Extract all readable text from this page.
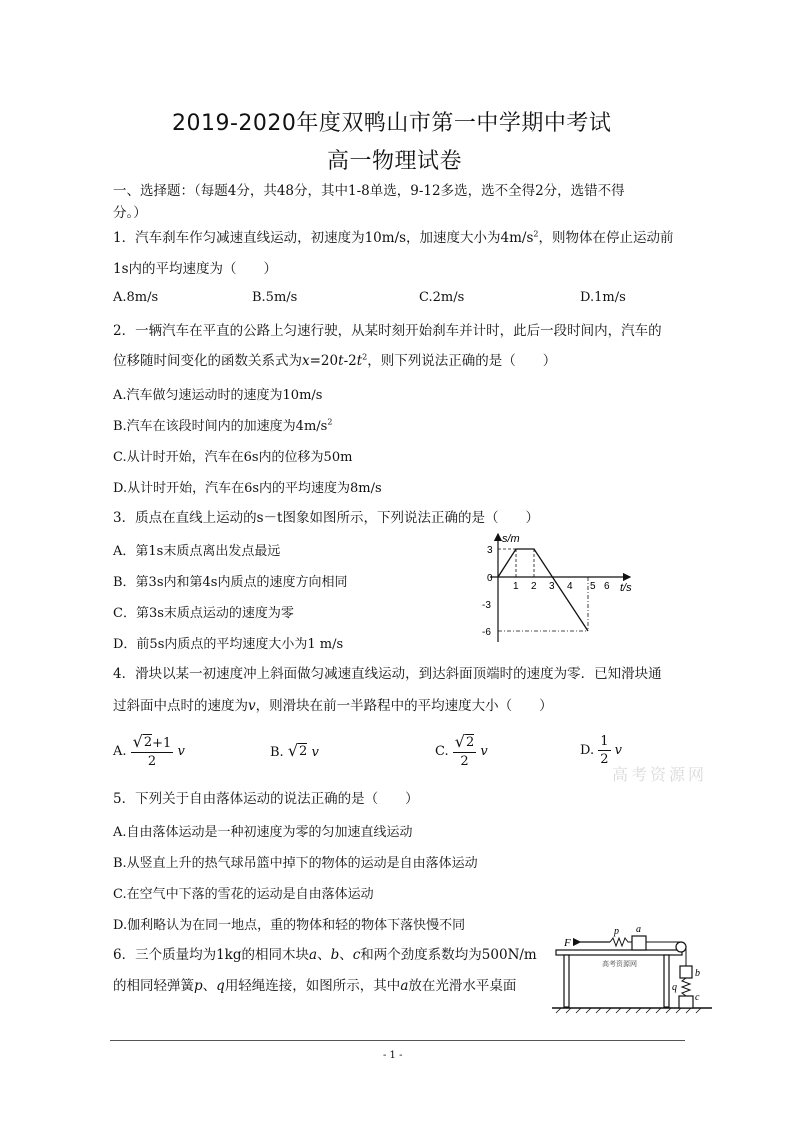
2019-2020年度双鸭山市第一中学期中考试
高一物理试卷
一、选择题：（每题4分，共48分，其中1-8单选，9-12多选，选不全得2分，选错不得
分。）
1．汽车刹车作匀减速直线运动，初速度为10m/s，加速度大小为$4m/s^2$，则物体在停止运动前
1s内的平均速度为（　　）
A.8m/s	B.5m/s	C.2m/s	D.1m/s
2．一辆汽车在平直的公路上匀速行驶，从某时刻开始刹车并计时，此后一段时间内，汽车的
位移随时间变化的函数关系式为$x=20t-2t^2$，则下列说法正确的是（　　）
A.汽车做匀速运动时的速度为10m/s
B.汽车在该段时间内的加速度为$4m/s^2$
C.从计时开始，汽车在6s内的位移为50m
D.从计时开始，汽车在6s内的平均速度为8m/s
3．质点在直线上运动的s－t图象如图所示，下列说法正确的是（　　）
A．第1s末质点离出发点最远
B．第3s内和第4s内质点的速度方向相同
C．第3s末质点运动的速度为零
D．前5s内质点的平均速度大小为1 m/s
s/m
t/s
3
0
-3
-6
1 2 3 4 5 6
4．滑块以某一初速度冲上斜面做匀减速直线运动，到达斜面顶端时的速度为零．已知滑块通
过斜面中点时的速度为v，则滑块在前一半路程中的平均速度大小（　　）
A. $\frac{√ 2 +1}{2}$ v	B. √ 2 v	C. $\frac{√ 2}{2}$ v	D. $\frac{1}{2}$ v
高考资源网
5．下列关于自由落体运动的说法正确的是（　　）
A.自由落体运动是一种初速度为零的匀加速直线运动
B.从竖直上升的热气球吊篮中掉下的物体的运动是自由落体运动
C.在空气中下落的雪花的运动是自由落体运动
D.伽利略认为在同一地点，重的物体和轻的物体下落快慢不同
6．三个质量均为1kg的相同木块a、b、c和两个劲度系数均为500N/m
的相同轻弹簧p、q用轻绳连接，如图所示，其中a放在光滑水平桌面
高考资源网
F
p a
b
q
c
- 1 -
